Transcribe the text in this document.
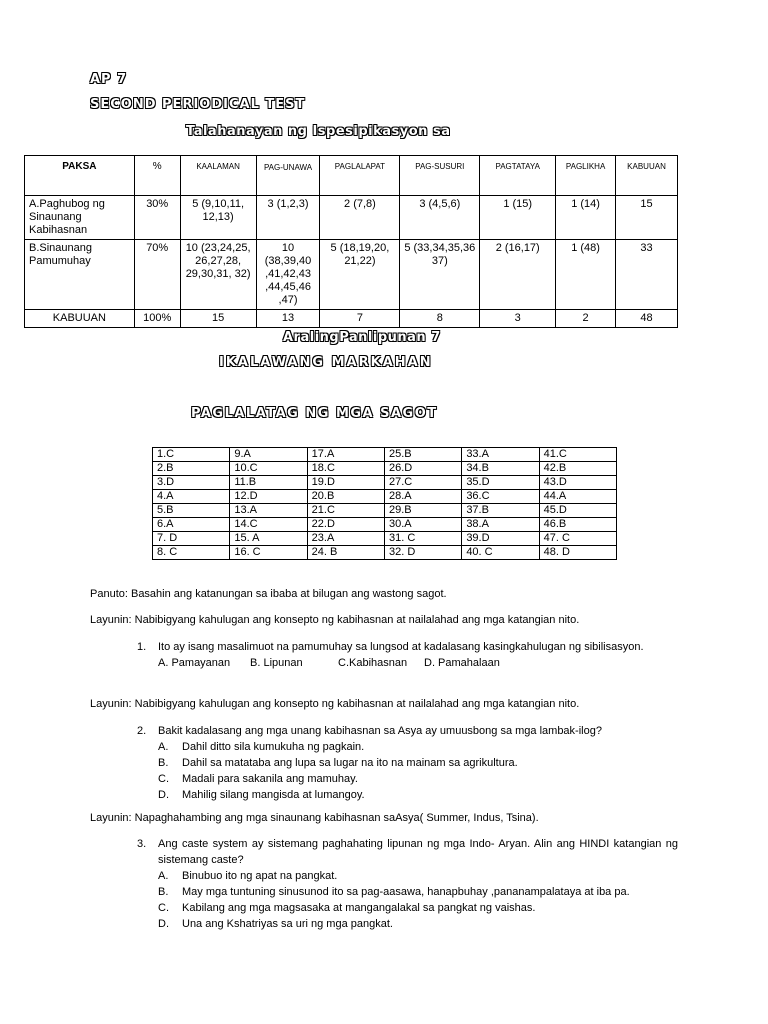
AP 7
SECOND PERIODICAL TEST
Talahanayan ng Ispesipikasyon sa
PAKSA	%	KAALAMAN	PAG-UNAWA	PAGLALAPAT	PAG-SUSURI	PAGTATAYA	PAGLIKHA	KABUUAN
A.Paghubog ng Sinaunang Kabihasnan	30%	5 (9,10,11, 12,13)	3 (1,2,3)	2 (7,8)	3 (4,5,6)	1 (15)	1 (14)	15
B.Sinaunang Pamumuhay	70%	10 (23,24,25, 26,27,28, 29,30,31, 32)	10 (38,39,40 ,41,42,43 ,44,45,46 ,47)	5 (18,19,20, 21,22)	5 (33,34,35,36 37)	2 (16,17)	1 (48)	33
KABUUAN	100%	15	13	7	8	3	2	48
AralingPanlipunan 7
IKALAWANG MARKAHAN
PAGLALATAG NG MGA SAGOT
1.C	9.A	17.A	25.B	33.A	41.C
2.B	10.C	18.C	26.D	34.B	42.B
3.D	11.B	19.D	27.C	35.D	43.D
4.A	12.D	20.B	28.A	36.C	44.A
5.B	13.A	21.C	29.B	37.B	45.D
6.A	14.C	22.D	30.A	38.A	46.B
7. D	15. A	23.A	31. C	39.D	47. C
8. C	16. C	24. B	32. D	40. C	48. D
Panuto: Basahin ang katanungan sa ibaba at bilugan ang wastong sagot.
Layunin: Nabibigyang kahulugan ang konsepto ng kabihasnan at nailalahad ang mga katangian nito.
1. Ito ay isang masalimuot na pamumuhay sa lungsod at kadalasang kasingkahulugan ng sibilisasyon.
A. Pamayanan B. Lipunan	C.Kabihasnan D. Pamahalaan
Layunin: Nabibigyang kahulugan ang konsepto ng kabihasnan at nailalahad ang mga katangian nito.
2. Bakit kadalasang ang mga unang kabihasnan sa Asya ay umuusbong sa mga lambak-ilog?
A. Dahil ditto sila kumukuha ng pagkain.
B. Dahil sa matataba ang lupa sa lugar na ito na mainam sa agrikultura.
C. Madali para sakanila ang mamuhay.
D. Mahilig silang mangisda at lumangoy.
Layunin: Napaghahambing ang mga sinaunang kabihasnan saAsya( Summer, Indus, Tsina).
3. Ang caste system ay sistemang paghahating lipunan ng mga Indo- Aryan. Alin ang HINDI katangian ng sistemang caste?
A. Binubuo ito ng apat na pangkat.
B. May mga tuntuning sinusunod ito sa pag-aasawa, hanapbuhay ,pananampalataya at iba pa.
C. Kabilang ang mga magsasaka at mangangalakal sa pangkat ng vaishas.
D. Una ang Kshatriyas sa uri ng mga pangkat.
